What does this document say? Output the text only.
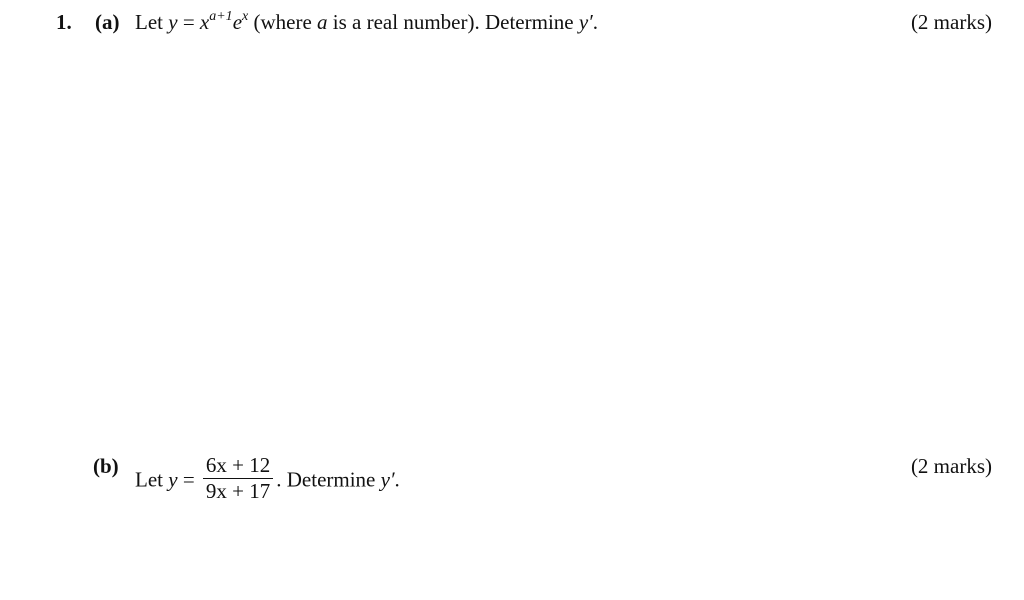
1. (a) Let $y = x^{a+1}e^x$ (where a is a real number). Determine y′.	(2 marks)
(b)
Let $y = \frac{6x + 12}{9x + 17}$ . Determine y′.
(2 marks)
